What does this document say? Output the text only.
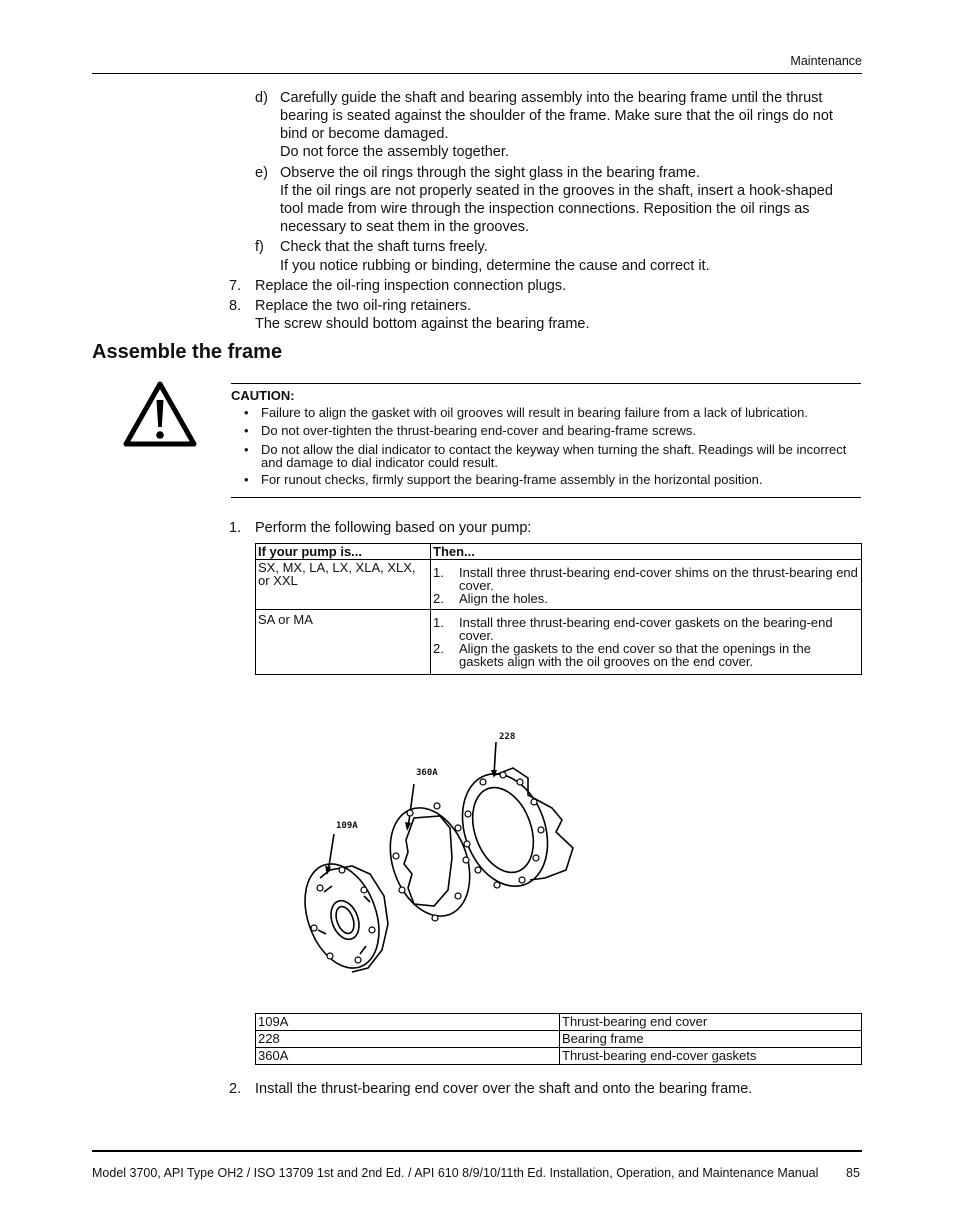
Maintenance
d) Carefully guide the shaft and bearing assembly into the bearing frame until the thrust
bearing is seated against the shoulder of the frame. Make sure that the oil rings do not
bind or become damaged.
Do not force the assembly together.
e) Observe the oil rings through the sight glass in the bearing frame.
If the oil rings are not properly seated in the grooves in the shaft, insert a hook-shaped
tool made from wire through the inspection connections. Reposition the oil rings as
necessary to seat them in the grooves.
f) Check that the shaft turns freely.
If you notice rubbing or binding, determine the cause and correct it.
7. Replace the oil-ring inspection connection plugs.
8. Replace the two oil-ring retainers.
The screw should bottom against the bearing frame.
Assemble the frame
CAUTION:
• Failure to align the gasket with oil grooves will result in bearing failure from a lack of lubrication.
• Do not over-tighten the thrust-bearing end-cover and bearing-frame screws.
• Do not allow the dial indicator to contact the keyway when turning the shaft. Readings will be incorrect and damage to dial indicator could result.
• For runout checks, firmly support the bearing-frame assembly in the horizontal position.
1. Perform the following based on your pump:
If your pump is...	Then...
SX, MX, LA, LX, XLA, XLX, or XXL	1. Install three thrust-bearing end-cover shims on the thrust-bearing end cover.
2. Align the holes.

SA or MA	1. Install three thrust-bearing end-cover gaskets on the bearing-end cover.
2. Align the gaskets to the end cover so that the openings in the gaskets align with the oil grooves on the end cover.
228
360A
109A
109A	Thrust-bearing end cover
228	Bearing frame
360A	Thrust-bearing end-cover gaskets
2. Install the thrust-bearing end cover over the shaft and onto the bearing frame.
Model 3700, API Type OH2 / ISO 13709 1st and 2nd Ed. / API 610 8/9/10/11th Ed. Installation, Operation, and Maintenance Manual	85
